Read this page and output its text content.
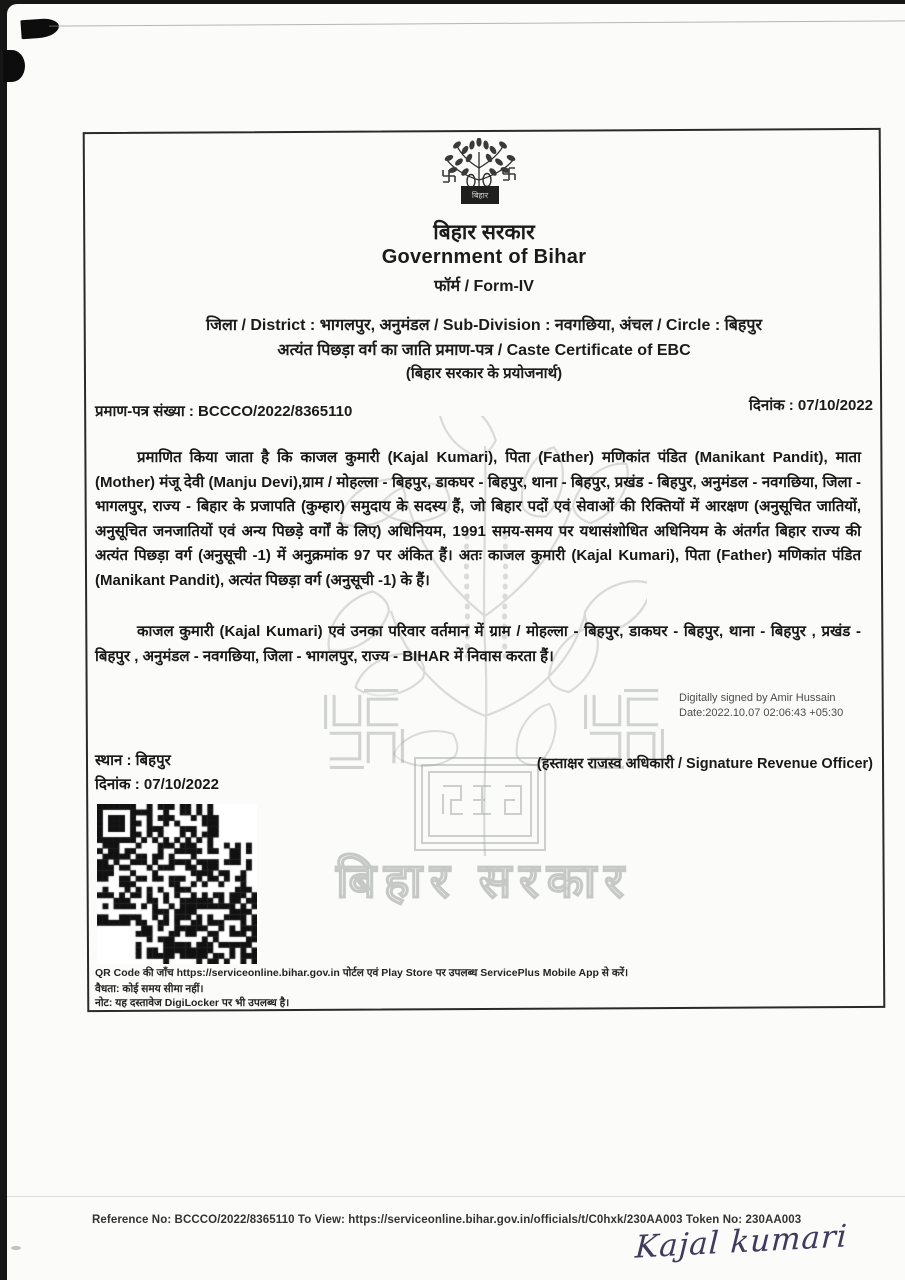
बिहार सरकार
बिहार
बिहार सरकार
Government of Bihar
फॉर्म / Form-IV
जिला / District : भागलपुर, अनुमंडल / Sub-Division : नवगछिया, अंचल / Circle : बिहपुर
अत्यंत पिछड़ा वर्ग का जाति प्रमाण-पत्र / Caste Certificate of EBC
(बिहार सरकार के प्रयोजनार्थ)
प्रमाण-पत्र संख्या : BCCCO/2022/8365110	दिनांक : 07/10/2022

प्रमाणित किया जाता है कि काजल कुमारी (Kajal Kumari), पिता (Father) मणिकांत पंडित (Manikant Pandit), माता (Mother) मंजू देवी (Manju Devi),ग्राम / मोहल्ला - बिहपुर, डाकघर - बिहपुर, थाना - बिहपुर, प्रखंड - बिहपुर, अनुमंडल - नवगछिया, जिला - भागलपुर, राज्य - बिहार के प्रजापति (कुम्हार) समुदाय के सदस्य हैं, जो बिहार पदों एवं सेवाओं की रिक्तियों में आरक्षण (अनुसूचित जातियों, अनुसूचित जनजातियों एवं अन्य पिछड़े वर्गों के लिए) अधिनियम, 1991 समय-समय पर यथासंशोधित अधिनियम के अंतर्गत बिहार राज्य की अत्यंत पिछड़ा वर्ग (अनुसूची -1) में अनुक्रमांक 97 पर अंकित हैं। अतः काजल कुमारी (Kajal Kumari), पिता (Father) मणिकांत पंडित (Manikant Pandit), अत्यंत पिछड़ा वर्ग (अनुसूची -1) के हैं।

काजल कुमारी (Kajal Kumari) एवं उनका परिवार वर्तमान में ग्राम / मोहल्ला - बिहपुर, डाकघर - बिहपुर, थाना - बिहपुर , प्रखंड - बिहपुर , अनुमंडल - नवगछिया, जिला - भागलपुर, राज्य - BIHAR में निवास करता हैं।

Digitally signed by Amir Hussain
Date:2022.10.07 02:06:43 +05:30
(हस्ताक्षर राजस्व अधिकारी / Signature Revenue Officer)
स्थान : बिहपुर
दिनांक : 07/10/2022
QR Code की जाँच https://serviceonline.bihar.gov.in पोर्टल एवं Play Store पर उपलब्ध ServicePlus Mobile App से करें।
वैधता: कोई समय सीमा नहीं।
नोट: यह दस्तावेज DigiLocker पर भी उपलब्ध है।
Reference No: BCCCO/2022/8365110 To View: https://serviceonline.bihar.gov.in/officials/t/C0hxk/230AA003 Token No: 230AA003
Kajal kumari
